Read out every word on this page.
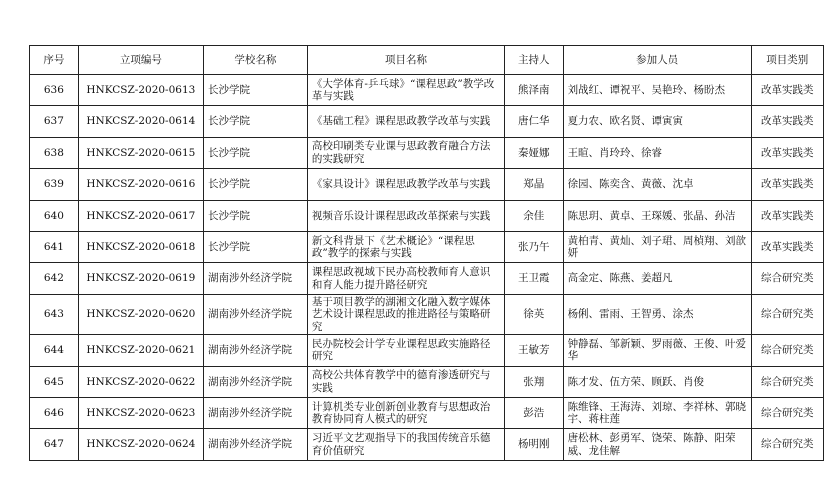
序号	立项编号	学校名称	项目名称	主持人	参加人员	项目类别
636	HNKCSZ-2020-0613	长沙学院	《大学体育-乒乓球》“课程思政”教学改革与实践	熊泽南	刘战红、谭祝平、吴艳玲、杨盼杰	改革实践类
637	HNKCSZ-2020-0614	长沙学院	《基础工程》课程思政教学改革与实践	唐仁华	夏力农、欧名贤、谭寅寅	改革实践类
638	HNKCSZ-2020-0615	长沙学院	高校印刷类专业课与思政教育融合方法的实践研究	秦娅娜	王暄、肖玲玲、徐睿	改革实践类
639	HNKCSZ-2020-0616	长沙学院	《家具设计》课程思政教学改革与实践	郑晶	徐园、陈奕含、黄薇、沈卓	改革实践类
640	HNKCSZ-2020-0617	长沙学院	视频音乐设计课程思政改革探索与实践	余佳	陈思玥、黄卓、王琛媛、张晶、孙洁	改革实践类
641	HNKCSZ-2020-0618	长沙学院	新文科背景下《艺术概论》“课程思政”教学的探索与实践	张乃午	黄柏青、黄灿、刘子珺、周楨翔、刘歆妍	改革实践类
642	HNKCSZ-2020-0619	湖南涉外经济学院	课程思政视域下民办高校教师育人意识和育人能力提升路径研究	王卫霞	高金定、陈燕、姜超凡	综合研究类
643	HNKCSZ-2020-0620	湖南涉外经济学院	基于项目教学的湖湘文化融入数字媒体艺术设计课程思政的推进路径与策略研究	徐英	杨俐、雷雨、王智勇、涂杰	综合研究类
644	HNKCSZ-2020-0621	湖南涉外经济学院	民办院校会计学专业课程思政实施路径研究	王敏芳	钟静磊、邹新颖、罗雨薇、王俊、叶爱华	综合研究类
645	HNKCSZ-2020-0622	湖南涉外经济学院	高校公共体育教学中的德育渗透研究与实践	张翔	陈才发、伍方荣、顾跃、肖俊	综合研究类
646	HNKCSZ-2020-0623	湖南涉外经济学院	计算机类专业创新创业教育与思想政治教育协同育人模式的研究	彭浩	陈维锋、王海涛、刘琼、李祥林、郭晓宇、蒋柱莲	综合研究类
647	HNKCSZ-2020-0624	湖南涉外经济学院	习近平文艺观指导下的我国传统音乐德育价值研究	杨明刚	唐松林、彭勇军、饶荣、陈静、阳荣威、龙佳解	综合研究类
